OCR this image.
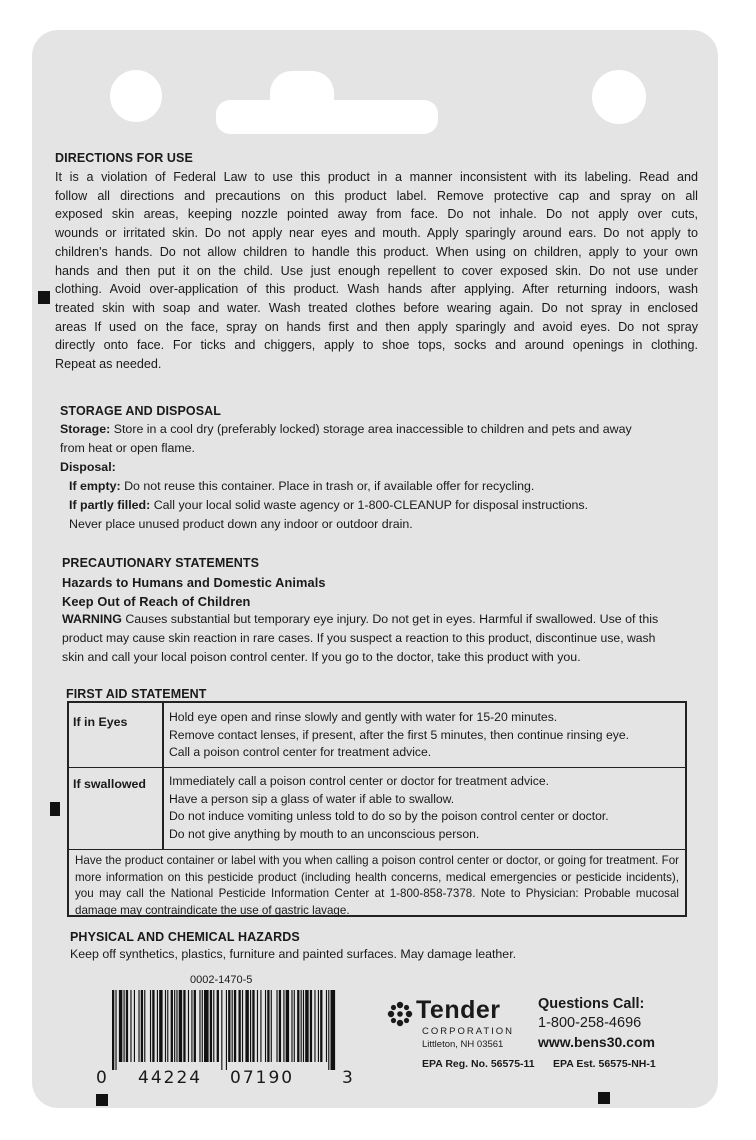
DIRECTIONS FOR USE
It is a violation of Federal Law to use this product in a manner inconsistent with its labeling. Read and
follow all directions and precautions on this product label. Remove protective cap and spray on all
exposed skin areas, keeping nozzle pointed away from face. Do not inhale. Do not apply over cuts,
wounds or irritated skin. Do not apply near eyes and mouth. Apply sparingly around ears. Do not apply to
children's hands. Do not allow children to handle this product. When using on children, apply to your own
hands and then put it on the child. Use just enough repellent to cover exposed skin. Do not use under
clothing. Avoid over-application of this product. Wash hands after applying. After returning indoors, wash
treated skin with soap and water. Wash treated clothes before wearing again. Do not spray in enclosed
areas If used on the face, spray on hands first and then apply sparingly and avoid eyes. Do not spray
directly onto face. For ticks and chiggers, apply to shoe tops, socks and around openings in clothing.
Repeat as needed.
STORAGE AND DISPOSAL
Storage: Store in a cool dry (preferably locked) storage area inaccessible to children and pets and away
from heat or open flame.
Disposal:
If empty: Do not reuse this container. Place in trash or, if available offer for recycling.
If partly filled: Call your local solid waste agency or 1-800-CLEANUP for disposal instructions.
Never place unused product down any indoor or outdoor drain.
PRECAUTIONARY STATEMENTS
Hazards to Humans and Domestic Animals
Keep Out of Reach of Children
WARNING Causes substantial but temporary eye injury. Do not get in eyes. Harmful if swallowed. Use of this
product may cause skin reaction in rare cases. If you suspect a reaction to this product, discontinue use, wash
skin and call your local poison control center. If you go to the doctor, take this product with you.
FIRST AID STATEMENT
If in Eyes	Hold eye open and rinse slowly and gently with water for 15-20 minutes.
Remove contact lenses, if present, after the first 5 minutes, then continue rinsing eye.
Call a poison control center for treatment advice.
If swallowed Immediately call a poison control center or doctor for treatment advice.
Have a person sip a glass of water if able to swallow.
Do not induce vomiting unless told to do so by the poison control center or doctor.
Do not give anything by mouth to an unconscious person.
Have the product container or label with you when calling a poison control center or doctor, or going for treatment. For more information on this pesticide product (including health concerns, medical emergencies or pesticide incidents), you may call the National Pesticide Information Center at 1-800-858-7378. Note to Physician: Probable mucosal damage may contraindicate the use of gastric lavage.
PHYSICAL AND CHEMICAL HAZARDS
Keep off synthetics, plastics, furniture and painted surfaces. May damage leather.
0002-1470-5
0 44224 07190	3
Tender
CORPORATION
Littleton, NH 03561
Questions Call:
1-800-258-4696
www.bens30.com
EPA Reg. No. 56575-11 EPA Est. 56575-NH-1
